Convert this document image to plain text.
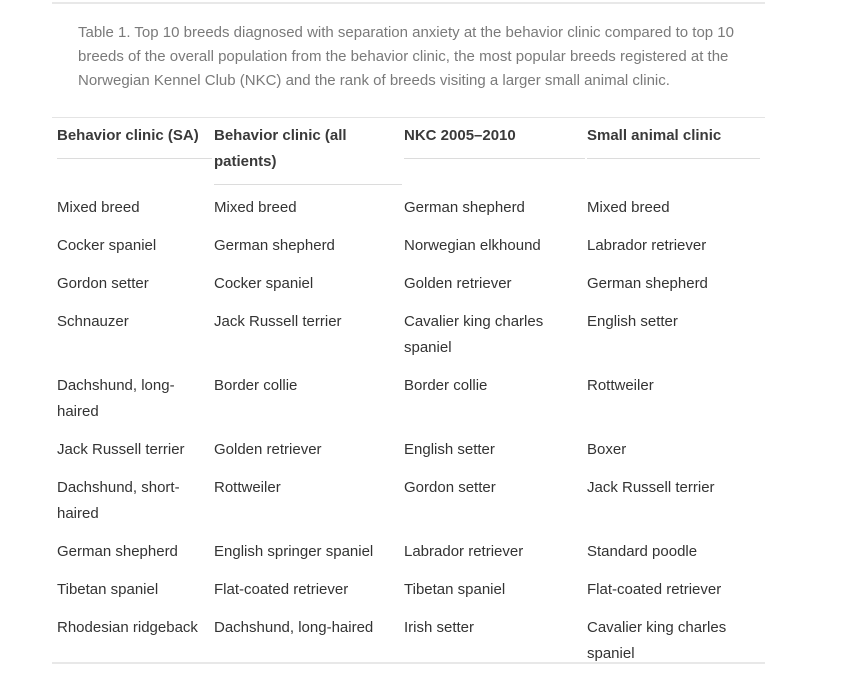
Table 1. Top 10 breeds diagnosed with separation anxiety at the behavior clinic compared to top 10 breeds of the overall population from the behavior clinic, the most popular breeds registered at the Norwegian Kennel Club (NKC) and the rank of breeds visiting a larger small animal clinic.

Behavior clinic (SA)	Behavior clinic (all patients)	NKC 2005–2010	Small animal clinic

Mixed breed	Mixed breed	German shepherd	Mixed breed
Cocker spaniel	German shepherd	Norwegian elkhound	Labrador retriever
Gordon setter	Cocker spaniel	Golden retriever	German shepherd
Schnauzer	Jack Russell terrier	Cavalier king charles spaniel	English setter
Dachshund, long-haired	Border collie	Border collie	Rottweiler
Jack Russell terrier	Golden retriever	English setter	Boxer
Dachshund, short-haired	Rottweiler	Gordon setter	Jack Russell terrier
German shepherd	English springer spaniel	Labrador retriever	Standard poodle
Tibetan spaniel	Flat-coated retriever	Tibetan spaniel	Flat-coated retriever
Rhodesian ridgeback	Dachshund, long-haired	Irish setter	Cavalier king charles spaniel
